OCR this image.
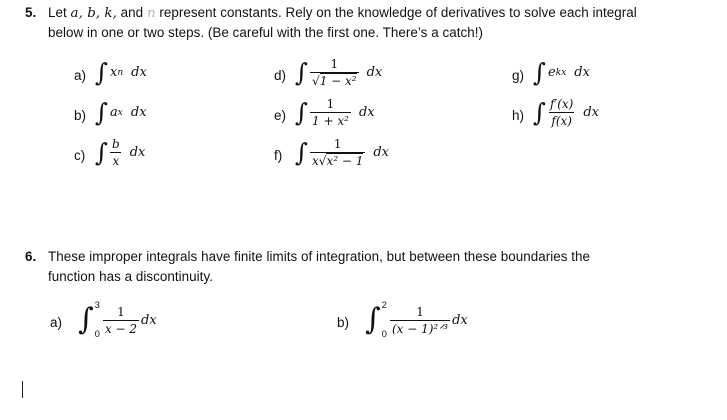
5. Let a, b, k, and n represent constants. Rely on the knowledge of derivatives to solve each integral
below in one or two steps. (Be careful with the first one. There’s a catch!)
a) ∫ x n dx
b) ∫ a x dx
c) ∫ $\frac{b}{x}$ dx
d) ∫ $\frac{1}{\text{√1 − x²}}$ dx
e) ∫ $\frac{1}{\text{1 + x²}}$ dx
f) ∫ $\frac{1}{\text{x√x² − 1}}$ dx
g) ∫ e kx dx
h) ∫ $\frac{f'(x)}{f(x)}$ dx
6. These improper integrals have finite limits of integration, but between these boundaries the
function has a discontinuity.
a) ∫ 3
$0 \frac{1}{x - 2}$ dx	b) ∫ 2
$0 \frac{1}{\text{(x − 1)²ᐟ³}}$ dx
